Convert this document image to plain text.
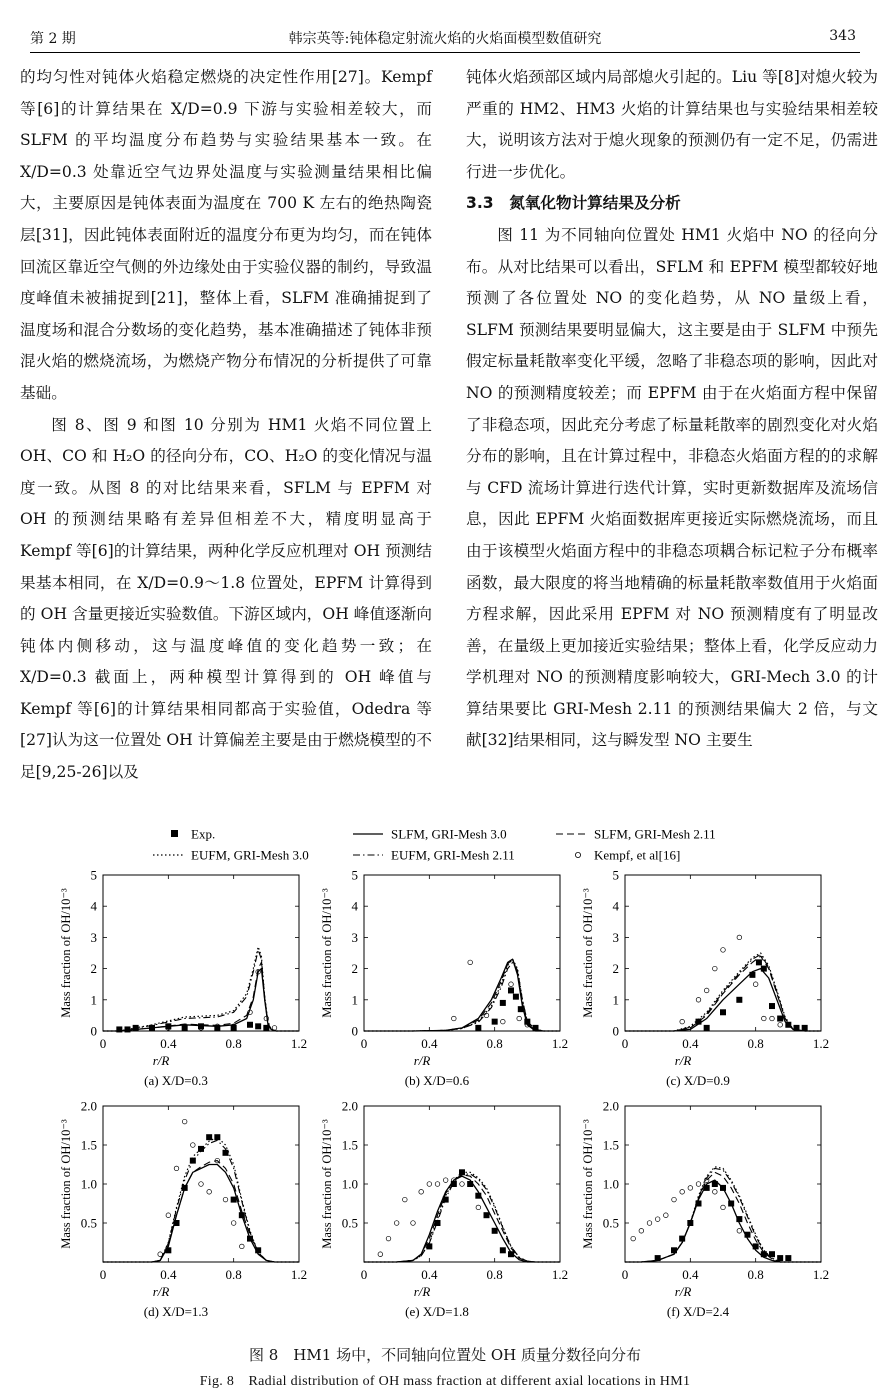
第 2 期	韩宗英等:钝体稳定射流火焰的火焰面模型数值研究	343

的均匀性对钝体火焰稳定燃烧的决定性作用[27]。Kempf 等[6]的计算结果在 X/D=0.9 下游与实验相差较大，而 SLFM 的平均温度分布趋势与实验结果基本一致。在 X/D=0.3 处靠近空气边界处温度与实验测量结果相比偏大，主要原因是钝体表面为温度在 700 K 左右的绝热陶瓷层[31]，因此钝体表面附近的温度分布更为均匀，而在钝体回流区靠近空气侧的外边缘处由于实验仪器的制约，导致温度峰值未被捕捉到[21]，整体上看，SLFM 准确捕捉到了温度场和混合分数场的变化趋势，基本准确描述了钝体非预混火焰的燃烧流场，为燃烧产物分布情况的分析提供了可靠基础。

图 8、图 9 和图 10 分别为 HM1 火焰不同位置上 OH、CO 和 H₂O 的径向分布，CO、H₂O 的变化情况与温度一致。从图 8 的对比结果来看，SFLM 与 EPFM 对 OH 的预测结果略有差异但相差不大，精度明显高于 Kempf 等[6]的计算结果，两种化学反应机理对 OH 预测结果基本相同，在 X/D=0.9～1.8 位置处，EPFM 计算得到的 OH 含量更接近实验数值。下游区域内，OH 峰值逐渐向钝体内侧移动，这与温度峰值的变化趋势一致；在 X/D=0.3 截面上，两种模型计算得到的 OH 峰值与 Kempf 等[6]的计算结果相同都高于实验值，Odedra 等[27]认为这一位置处 OH 计算偏差主要是由于燃烧模型的不足[9,25-26]以及

钝体火焰颈部区域内局部熄火引起的。Liu 等[8]对熄火较为严重的 HM2、HM3 火焰的计算结果也与实验结果相差较大，说明该方法对于熄火现象的预测仍有一定不足，仍需进行进一步优化。

3.3　氮氧化物计算结果及分析

图 11 为不同轴向位置处 HM1 火焰中 NO 的径向分布。从对比结果可以看出，SFLM 和 EPFM 模型都较好地预测了各位置处 NO 的变化趋势，从 NO 量级上看，SLFM 预测结果要明显偏大，这主要是由于 SLFM 中预先假定标量耗散率变化平缓，忽略了非稳态项的影响，因此对 NO 的预测精度较差；而 EPFM 由于在火焰面方程中保留了非稳态项，因此充分考虑了标量耗散率的剧烈变化对火焰分布的影响，且在计算过程中，非稳态火焰面方程的的求解与 CFD 流场计算进行迭代计算，实时更新数据库及流场信息，因此 EPFM 火焰面数据库更接近实际燃烧流场，而且由于该模型火焰面方程中的非稳态项耦合标记粒子分布概率函数，最大限度的将当地精确的标量耗散率数值用于火焰面方程求解，因此采用 EPFM 对 NO 预测精度有了明显改善，在量级上更加接近实验结果；整体上看，化学反应动力学机理对 NO 的预测精度影响较大，GRI-Mech 3.0 的计算结果要比 GRI-Mesh 2.11 的预测结果偏大 2 倍，与文献[32]结果相同，这与瞬发型 NO 主要生

Exp.	SLFM, GRI-Mesh 3.0	SLFM, GRI-Mesh 2.11
EUFM, GRI-Mesh 3.0	EUFM, GRI-Mesh 2.11	Kempf, et al[16]
0	0.4	0.8	1.2
0
1
2
3
4
5
r/R
Mass fraction of OH/10⁻³
(a) X/D=0.3
0	0.4	0.8	1.2
0
1
2
3
4
5
r/R
Mass fraction of OH/10⁻³
(b) X/D=0.6
0	0.4	0.8	1.2
0
1
2
3
4
5
r/R
Mass fraction of OH/10⁻³
(c) X/D=0.9
0	0.4	0.8	1.2
0.5
1.0
1.5
2.0
r/R
Mass fraction of OH/10⁻³
(d) X/D=1.3
0	0.4	0.8	1.2
0.5
1.0
1.5
2.0
r/R
Mass fraction of OH/10⁻³
(e) X/D=1.8
0	0.4	0.8	1.2
0.5
1.0
1.5
2.0
r/R
Mass fraction of OH/10⁻³
(f) X/D=2.4
图 8　HM1 场中，不同轴向位置处 OH 质量分数径向分布
Fig. 8　Radial distribution of OH mass fraction at different axial locations in HM1
